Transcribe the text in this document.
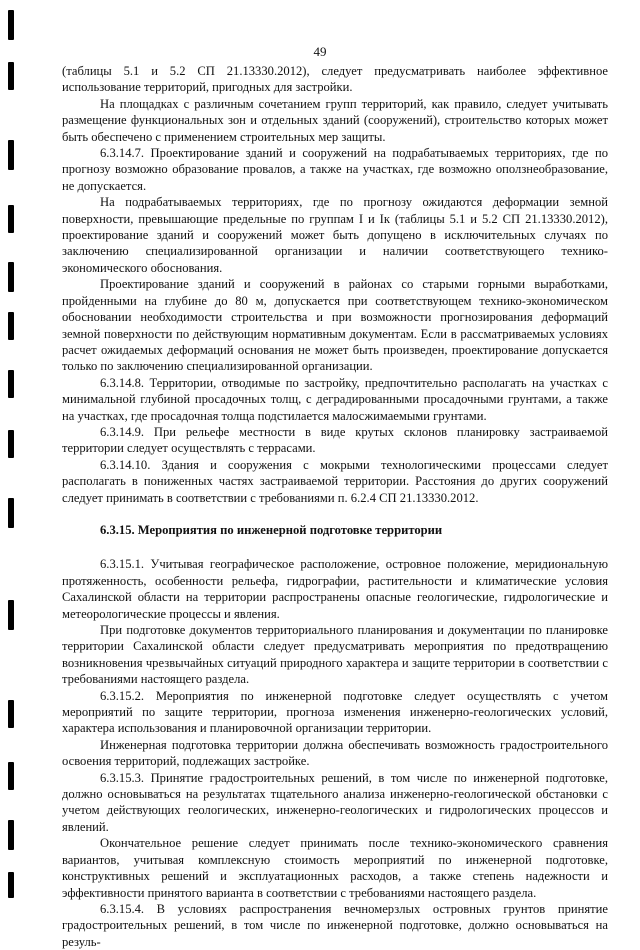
49

(таблицы 5.1 и 5.2 СП 21.13330.2012), следует предусматривать наиболее эффективное использование территорий, пригодных для застройки.

На площадках с различным сочетанием групп территорий, как правило, следует учитывать размещение функциональных зон и отдельных зданий (сооружений), строительство которых может быть обеспечено с применением строительных мер защиты.

6.3.14.7. Проектирование зданий и сооружений на подрабатываемых территориях, где по прогнозу возможно образование провалов, а также на участках, где возможно оползнеобразование, не допускается.

На подрабатываемых территориях, где по прогнозу ожидаются деформации земной поверхности, превышающие предельные по группам I и Iк (таблицы 5.1 и 5.2 СП 21.13330.2012), проектирование зданий и сооружений может быть допущено в исключительных случаях по заключению специализированной организации и наличии соответствующего технико-экономического обоснования.

Проектирование зданий и сооружений в районах со старыми горными выработками, пройденными на глубине до 80 м, допускается при соответствующем технико-экономическом обосновании необходимости строительства и при возможности прогнозирования деформаций земной поверхности по действующим нормативным документам. Если в рассматриваемых условиях расчет ожидаемых деформаций основания не может быть произведен, проектирование допускается только по заключению специализированной организации.

6.3.14.8. Территории, отводимые по застройку, предпочтительно располагать на участках с минимальной глубиной просадочных толщ, с деградированными просадочными грунтами, а также на участках, где просадочная толща подстилается малосжимаемыми грунтами.

6.3.14.9. При рельефе местности в виде крутых склонов планировку застраиваемой территории следует осуществлять с террасами.

6.3.14.10. Здания и сооружения с мокрыми технологическими процессами следует располагать в пониженных частях застраиваемой территории. Расстояния до других сооружений следует принимать в соответствии с требованиями п. 6.2.4 СП 21.13330.2012.

6.3.15. Мероприятия по инженерной подготовке территории

6.3.15.1. Учитывая географическое расположение, островное положение, меридиональную протяженность, особенности рельефа, гидрографии, растительности и климатические условия Сахалинской области на территории распространены опасные геологические, гидрологические и метеорологические процессы и явления.

При подготовке документов территориального планирования и документации по планировке территории Сахалинской области следует предусматривать мероприятия по предотвращению возникновения чрезвычайных ситуаций природного характера и защите территории в соответствии с требованиями настоящего раздела.

6.3.15.2. Мероприятия по инженерной подготовке следует осуществлять с учетом мероприятий по защите территории, прогноза изменения инженерно-геологических условий, характера использования и планировочной организации территории.

Инженерная подготовка территории должна обеспечивать возможность градостроительного освоения территорий, подлежащих застройке.

6.3.15.3. Принятие градостроительных решений, в том числе по инженерной подготовке, должно основываться на результатах тщательного анализа инженерно-геологической обстановки с учетом действующих геологических, инженерно-геологических и гидрологических процессов и явлений.

Окончательное решение следует принимать после технико-экономического сравнения вариантов, учитывая комплексную стоимость мероприятий по инженерной подготовке, конструктивных решений и эксплуатационных расходов, а также степень надежности и эффективности принятого варианта в соответствии с требованиями настоящего раздела.

6.3.15.4. В условиях распространения вечномерзлых островных грунтов принятие градостроительных решений, в том числе по инженерной подготовке, должно основываться на резуль-
